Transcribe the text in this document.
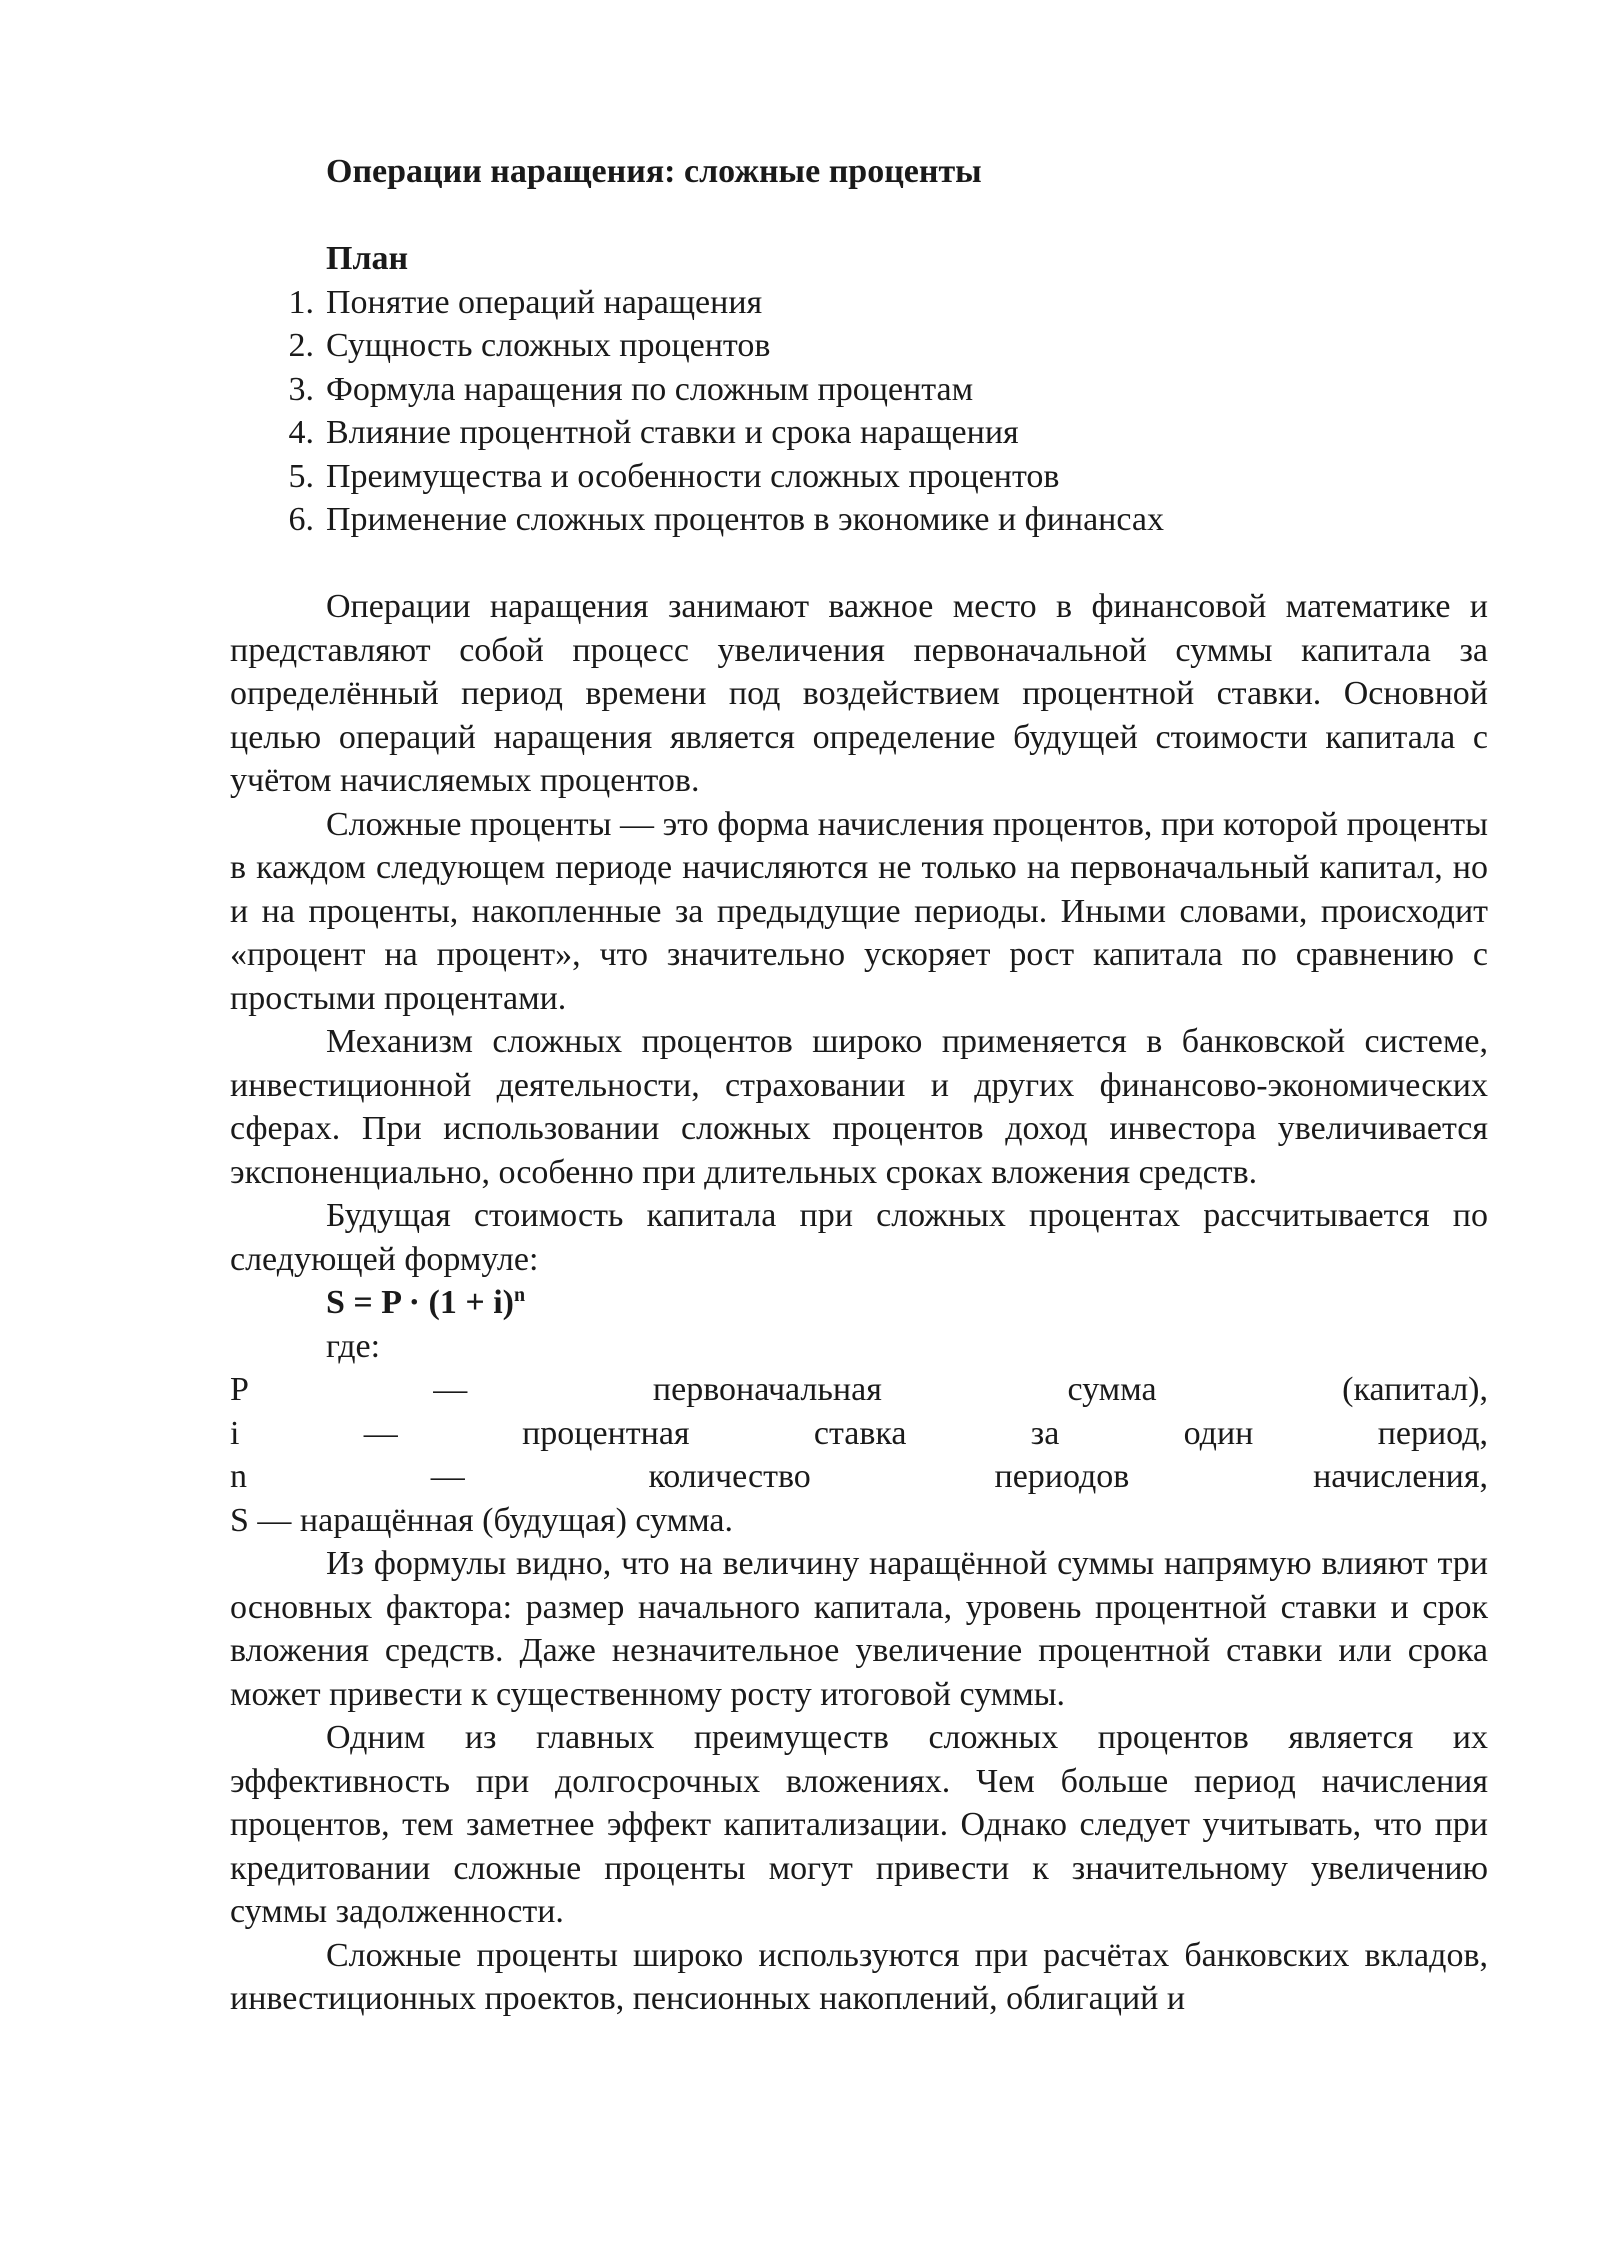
Операции наращения: сложные проценты
План
1. Понятие операций наращения
2. Сущность сложных процентов
3. Формула наращения по сложным процентам
4. Влияние процентной ставки и срока наращения
5. Преимущества и особенности сложных процентов
6. Применение сложных процентов в экономике и финансах

Операции наращения занимают важное место в финансовой математике и представляют собой процесс увеличения первоначальной суммы капитала за определённый период времени под воздействием процентной ставки. Основной целью операций наращения является определение будущей стоимости капитала с учётом начисляемых процентов.

Сложные проценты — это форма начисления процентов, при которой проценты в каждом следующем периоде начисляются не только на первоначальный капитал, но и на проценты, накопленные за предыдущие периоды. Иными словами, происходит «процент на процент», что значительно ускоряет рост капитала по сравнению с простыми процентами.

Механизм сложных процентов широко применяется в банковской системе, инвестиционной деятельности, страховании и других финансово-экономических сферах. При использовании сложных процентов доход инвестора увеличивается экспоненциально, особенно при длительных сроках вложения средств.

Будущая стоимость капитала при сложных процентах рассчитывается по следующей формуле:

$S = P \cdot (1 + i)^n$
где:

P — первоначальная сумма (капитал),

i — процентная ставка за один период,

n — количество периодов начисления,

S — наращённая (будущая) сумма.

Из формулы видно, что на величину наращённой суммы напрямую влияют три основных фактора: размер начального капитала, уровень процентной ставки и срок вложения средств. Даже незначительное увеличение процентной ставки или срока может привести к существенному росту итоговой суммы.

Одним из главных преимуществ сложных процентов является их эффективность при долгосрочных вложениях. Чем больше период начисления процентов, тем заметнее эффект капитализации. Однако следует учитывать, что при кредитовании сложные проценты могут привести к значительному увеличению суммы задолженности.

Сложные проценты широко используются при расчётах банковских вкладов, инвестиционных проектов, пенсионных накоплений, облигаций и
